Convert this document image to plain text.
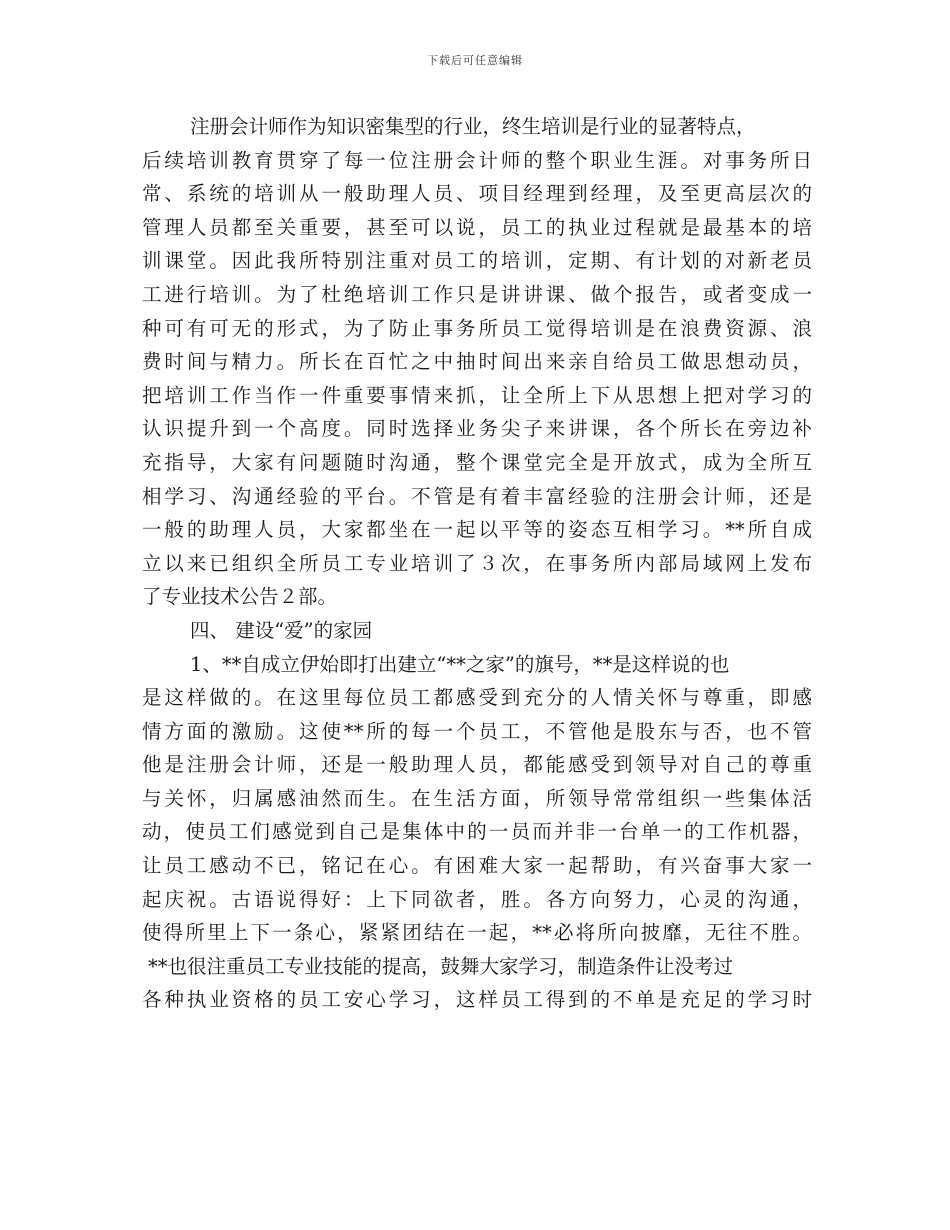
下载后可任意编辑
注册会计师作为知识密集型的行业，终生培训是行业的显著特点，
后续培训教育贯穿了每一位注册会计师的整个职业生涯。对事务所日
常、系统的培训从一般助理人员、项目经理到经理，及至更高层次的
管理人员都至关重要，甚至可以说，员工的执业过程就是最基本的培
训课堂。因此我所特别注重对员工的培训，定期、有计划的对新老员
工进行培训。为了杜绝培训工作只是讲讲课、做个报告，或者变成一
种可有可无的形式，为了防止事务所员工觉得培训是在浪费资源、浪
费时间与精力。所长在百忙之中抽时间出来亲自给员工做思想动员，
把培训工作当作一件重要事情来抓，让全所上下从思想上把对学习的
认识提升到一个高度。同时选择业务尖子来讲课，各个所长在旁边补
充指导，大家有问题随时沟通，整个课堂完全是开放式，成为全所互
相学习、沟通经验的平台。不管是有着丰富经验的注册会计师，还是
一般的助理人员，大家都坐在一起以平等的姿态互相学习。**所自成
立以来已组织全所员工专业培训了３次，在事务所内部局域网上发布
了专业技术公告２部。
四、 建设“爱”的家园
1、**自成立伊始即打出建立“**之家”的旗号，**是这样说的也
是这样做的。在这里每位员工都感受到充分的人情关怀与尊重，即感
情方面的激励。这使**所的每一个员工，不管他是股东与否，也不管
他是注册会计师，还是一般助理人员，都能感受到领导对自己的尊重
与关怀，归属感油然而生。在生活方面，所领导常常组织一些集体活
动，使员工们感觉到自己是集体中的一员而并非一台单一的工作机器，
让员工感动不已，铭记在心。有困难大家一起帮助，有兴奋事大家一
起庆祝。古语说得好：上下同欲者，胜。各方向努力，心灵的沟通，
使得所里上下一条心，紧紧团结在一起，**必将所向披靡，无往不胜。
**也很注重员工专业技能的提高，鼓舞大家学习，制造条件让没考过
各种执业资格的员工安心学习，这样员工得到的不单是充足的学习时
